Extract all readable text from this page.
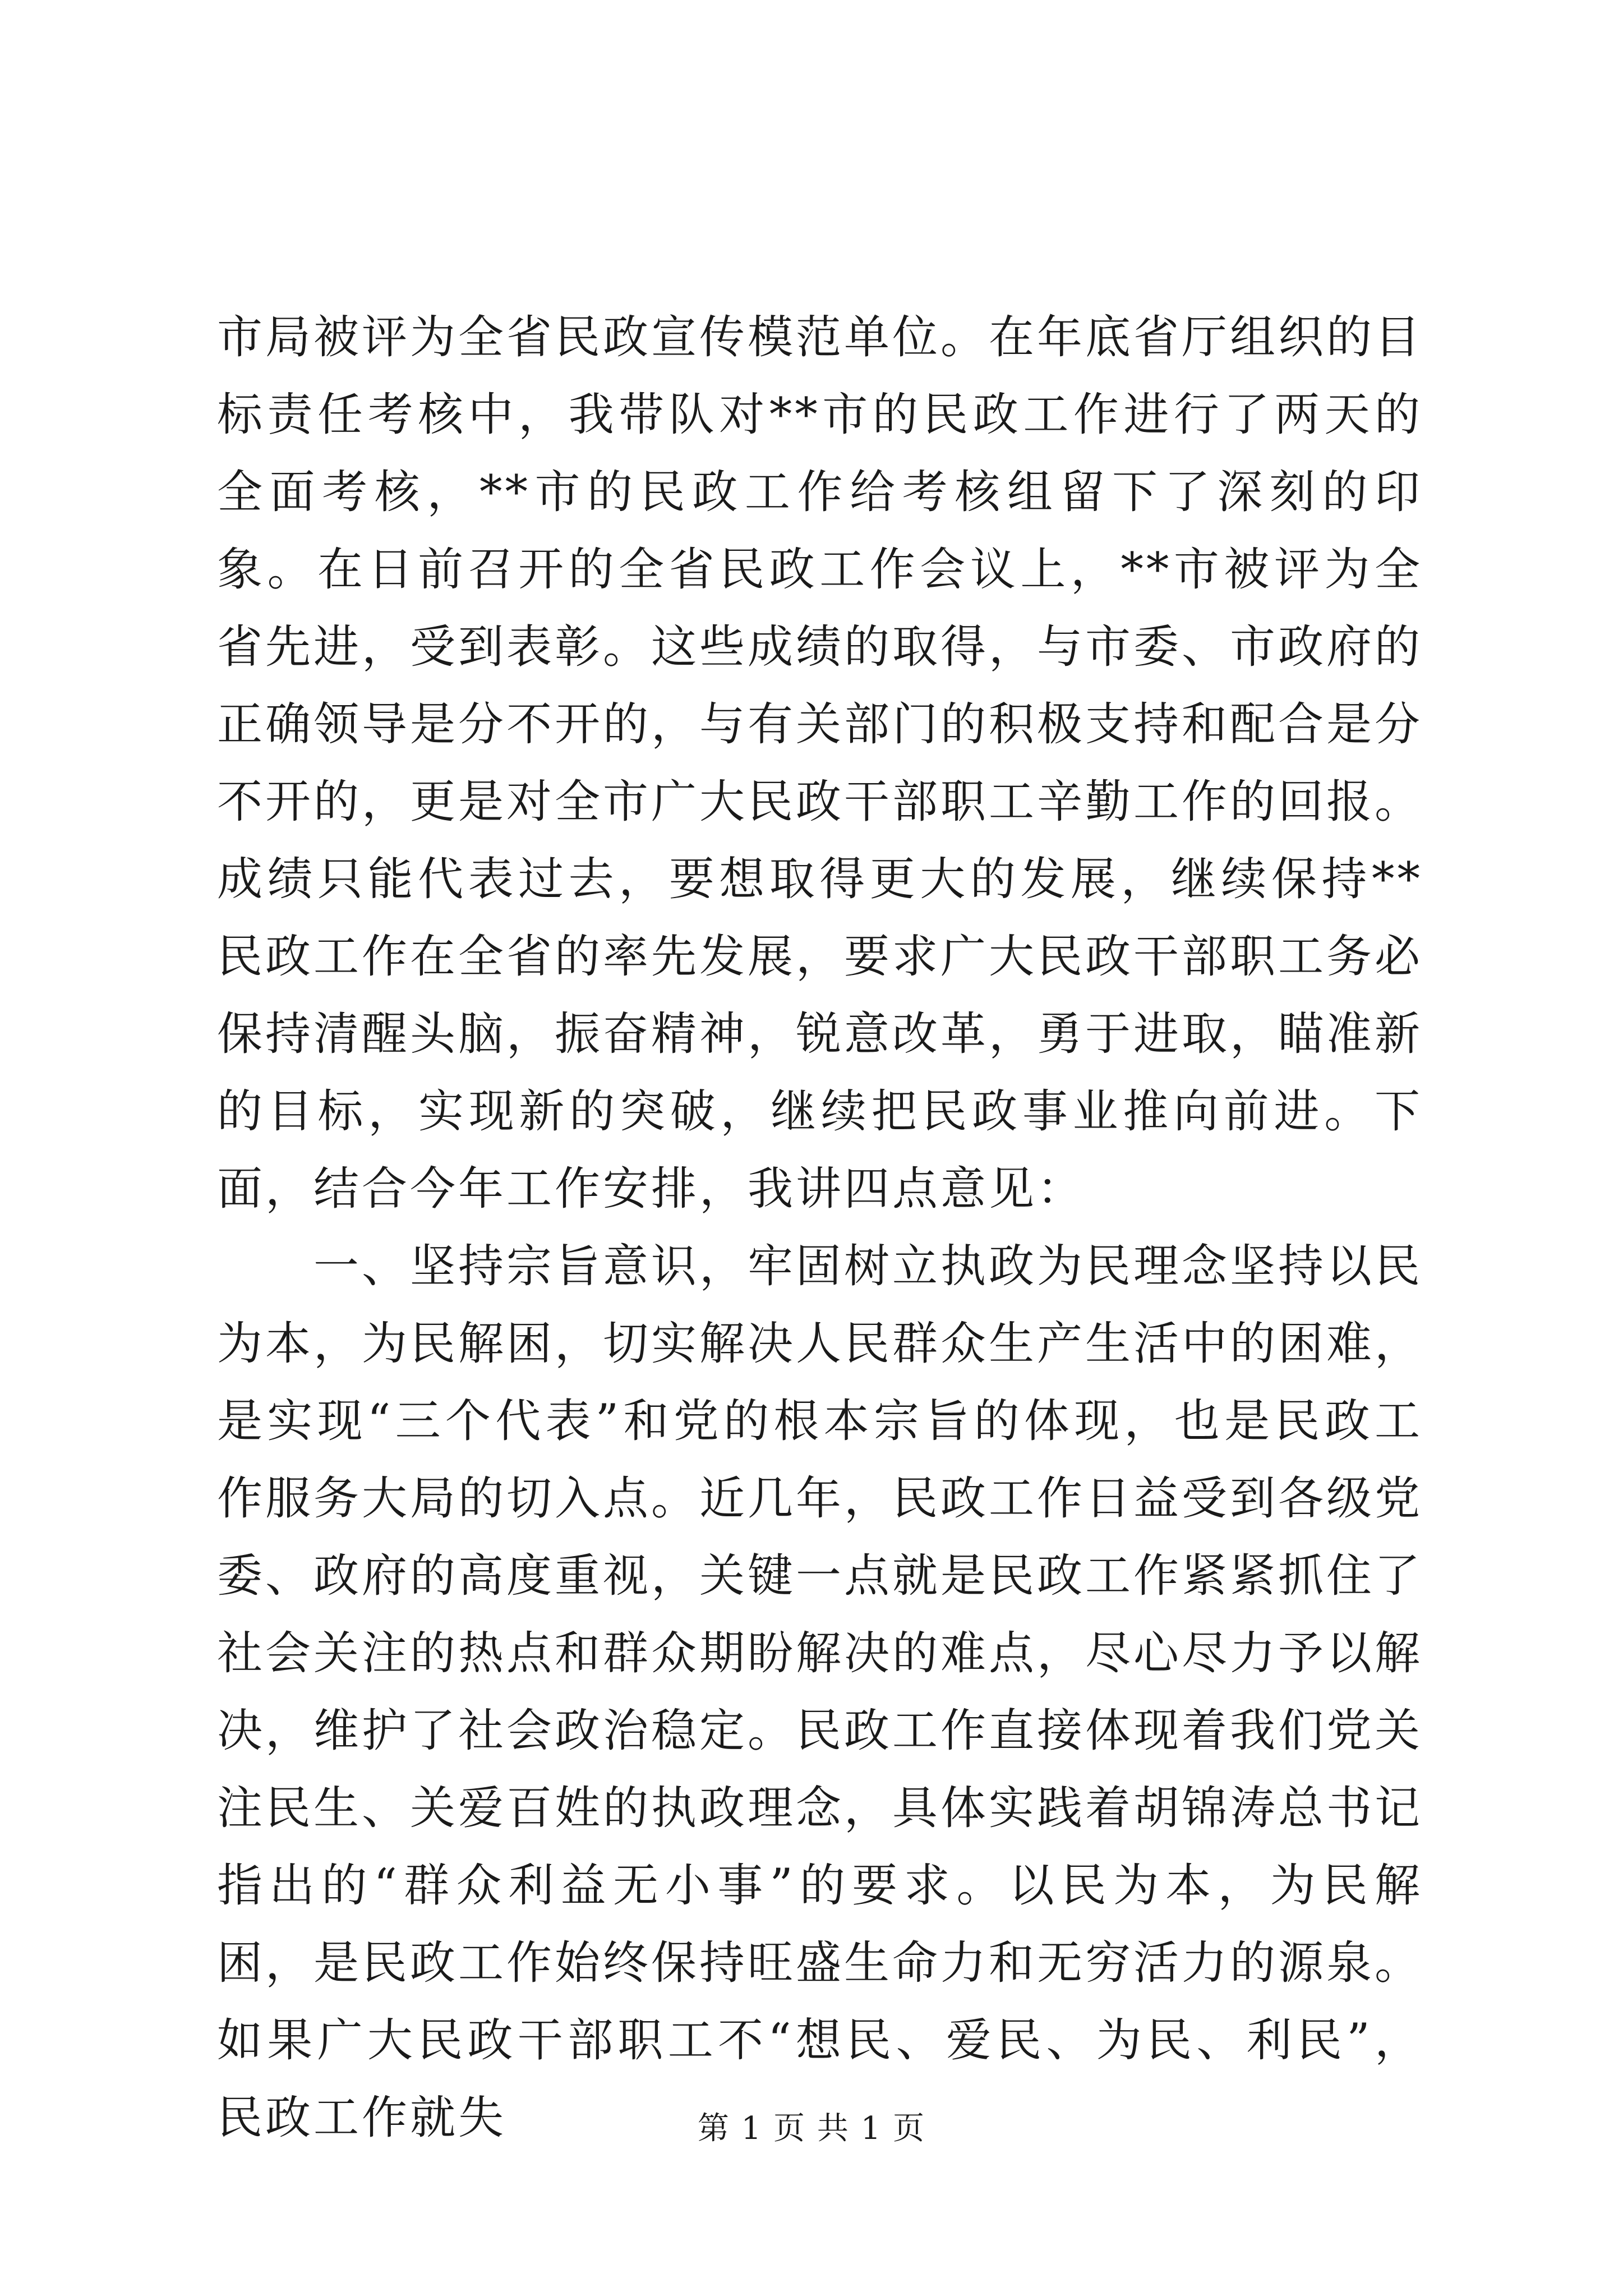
市局被评为全省民政宣传模范单位。在年底省厅组织的目标责任考核中，我带队对**市的民政工作进行了两天的全面考核，**市的民政工作给考核组留下了深刻的印象。在日前召开的全省民政工作会议上，**市被评为全省先进，受到表彰。这些成绩的取得，与市委、市政府的正确领导是分不开的，与有关部门的积极支持和配合是分不开的，更是对全市广大民政干部职工辛勤工作的回报。成绩只能代表过去，要想取得更大的发展，继续保持**民政工作在全省的率先发展，要求广大民政干部职工务必保持清醒头脑，振奋精神，锐意改革，勇于进取，瞄准新的目标，实现新的突破，继续把民政事业推向前进。下面，结合今年工作安排，我讲四点意见：

一、坚持宗旨意识，牢固树立执政为民理念坚持以民为本，为民解困，切实解决人民群众生产生活中的困难，是实现“三个代表”和党的根本宗旨的体现，也是民政工作服务大局的切入点。近几年，民政工作日益受到各级党委、政府的高度重视，关键一点就是民政工作紧紧抓住了社会关注的热点和群众期盼解决的难点，尽心尽力予以解决，维护了社会政治稳定。民政工作直接体现着我们党关注民生、关爱百姓的执政理念，具体实践着胡锦涛总书记指出的“群众利益无小事”的要求。以民为本，为民解困，是民政工作始终保持旺盛生命力和无穷活力的源泉。如果广大民政干部职工不“想民、爱民、为民、利民”，民政工作就失	第 1 页 共 1 页
